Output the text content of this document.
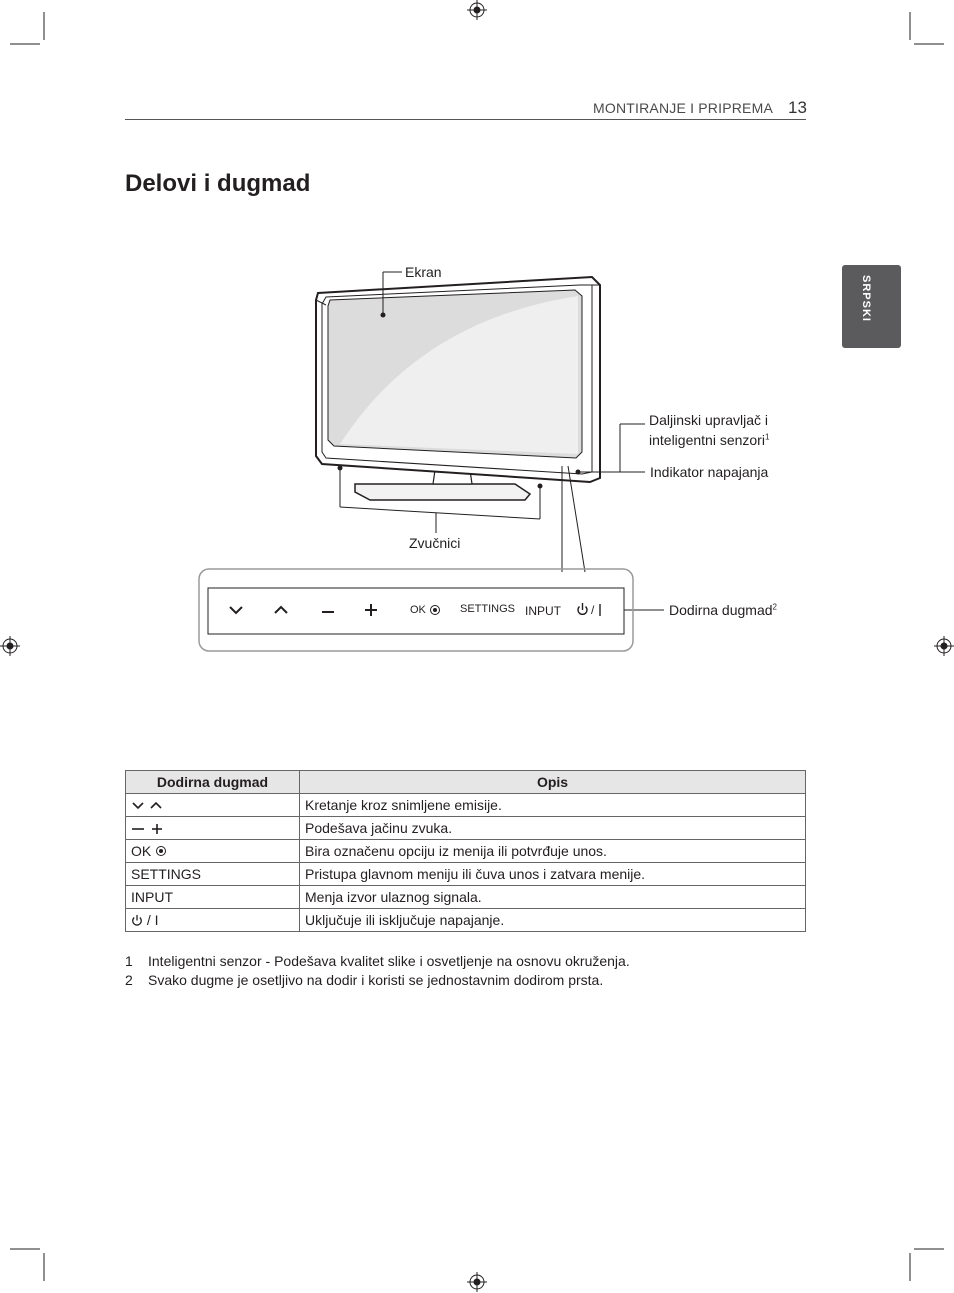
MONTIRANJE I PRIPREMA 13
SRPSKI
Delovi i dugmad
Ekran
Daljinski upravljač i
inteligentni senzori$^1$
Indikator napajanja
Zvučnici
Dodirna dugmad$^2$
OK	SETTINGS INPUT	/
Dodirna dugmad	Opis
	Kretanje kroz snimljene emisije.
	Podešava jačinu zvuka.
OK	Bira označenu opciju iz menija ili potvrđuje unos.
SETTINGS	Pristupa glavnom meniju ili čuva unos i zatvara menije.
INPUT	Menja izvor ulaznog signala.
/ I	Uključuje ili isključuje napajanje.
1 Inteligentni senzor - Podešava kvalitet slike i osvetljenje na osnovu okruženja.
2 Svako dugme je osetljivo na dodir i koristi se jednostavnim dodirom prsta.
